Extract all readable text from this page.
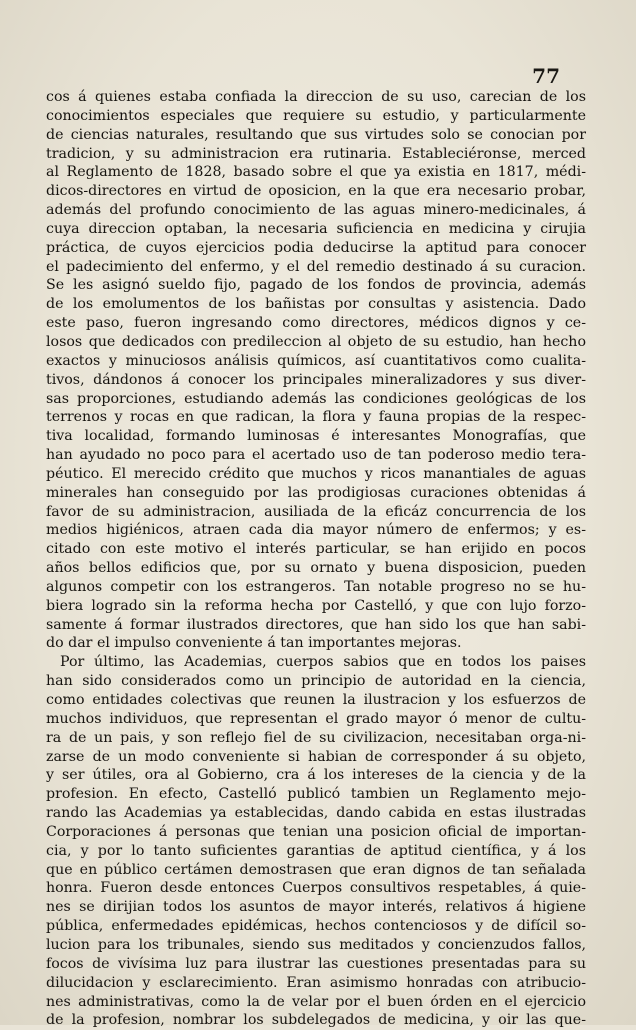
77
cos á quienes estaba confiada la direccion de su uso, carecian de los
conocimientos especiales que requiere su estudio, y particularmente
de ciencias naturales, resultando que sus virtudes solo se conocian por
tradicion, y su administracion era rutinaria. Estableciéronse, merced
al Reglamento de 1828, basado sobre el que ya existia en 1817, médi-
dicos-directores en virtud de oposicion, en la que era necesario probar,
además del profundo conocimiento de las aguas minero-medicinales, á
cuya direccion optaban, la necesaria suficiencia en medicina y cirujia
práctica, de cuyos ejercicios podia deducirse la aptitud para conocer
el padecimiento del enfermo, y el del remedio destinado á su curacion.
Se les asignó sueldo fijo, pagado de los fondos de provincia, además
de los emolumentos de los bañistas por consultas y asistencia. Dado
este paso, fueron ingresando como directores, médicos dignos y ce-
losos que dedicados con predileccion al objeto de su estudio, han hecho
exactos y minuciosos análisis químicos, así cuantitativos como cualita-
tivos, dándonos á conocer los principales mineralizadores y sus diver-
sas proporciones, estudiando además las condiciones geológicas de los
terrenos y rocas en que radican, la flora y fauna propias de la respec-
tiva localidad, formando luminosas é interesantes Monografías, que
han ayudado no poco para el acertado uso de tan poderoso medio tera-
péutico. El merecido crédito que muchos y ricos manantiales de aguas
minerales han conseguido por las prodigiosas curaciones obtenidas á
favor de su administracion, ausiliada de la eficáz concurrencia de los
medios higiénicos, atraen cada dia mayor número de enfermos; y es-
citado con este motivo el interés particular, se han erijido en pocos
años bellos edificios que, por su ornato y buena disposicion, pueden
algunos competir con los estrangeros. Tan notable progreso no se hu-
biera logrado sin la reforma hecha por Castelló, y que con lujo forzo-
samente á formar ilustrados directores, que han sido los que han sabi-
do dar el impulso conveniente á tan importantes mejoras.
Por último, las Academias, cuerpos sabios que en todos los paises
han sido considerados como un principio de autoridad en la ciencia,
como entidades colectivas que reunen la ilustracion y los esfuerzos de
muchos individuos, que representan el grado mayor ó menor de cultu-
ra de un pais, y son reflejo fiel de su civilizacion, necesitaban orga-ni-
zarse de un modo conveniente si habian de corresponder á su objeto,
y ser útiles, ora al Gobierno, cra á los intereses de la ciencia y de la
profesion. En efecto, Castelló publicó tambien un Reglamento mejo-
rando las Academias ya establecidas, dando cabida en estas ilustradas
Corporaciones á personas que tenian una posicion oficial de importan-
cia, y por lo tanto suficientes garantias de aptitud científica, y á los
que en público certámen demostrasen que eran dignos de tan señalada
honra. Fueron desde entonces Cuerpos consultivos respetables, á quie-
nes se dirijian todos los asuntos de mayor interés, relativos á higiene
pública, enfermedades epidémicas, hechos contenciosos y de difícil so-
lucion para los tribunales, siendo sus meditados y concienzudos fallos,
focos de vivísima luz para ilustrar las cuestiones presentadas para su
dilucidacion y esclarecimiento. Eran asimismo honradas con atribucio-
nes administrativas, como la de velar por el buen órden en el ejercicio
de la profesion, nombrar los subdelegados de medicina, y oir las que-
